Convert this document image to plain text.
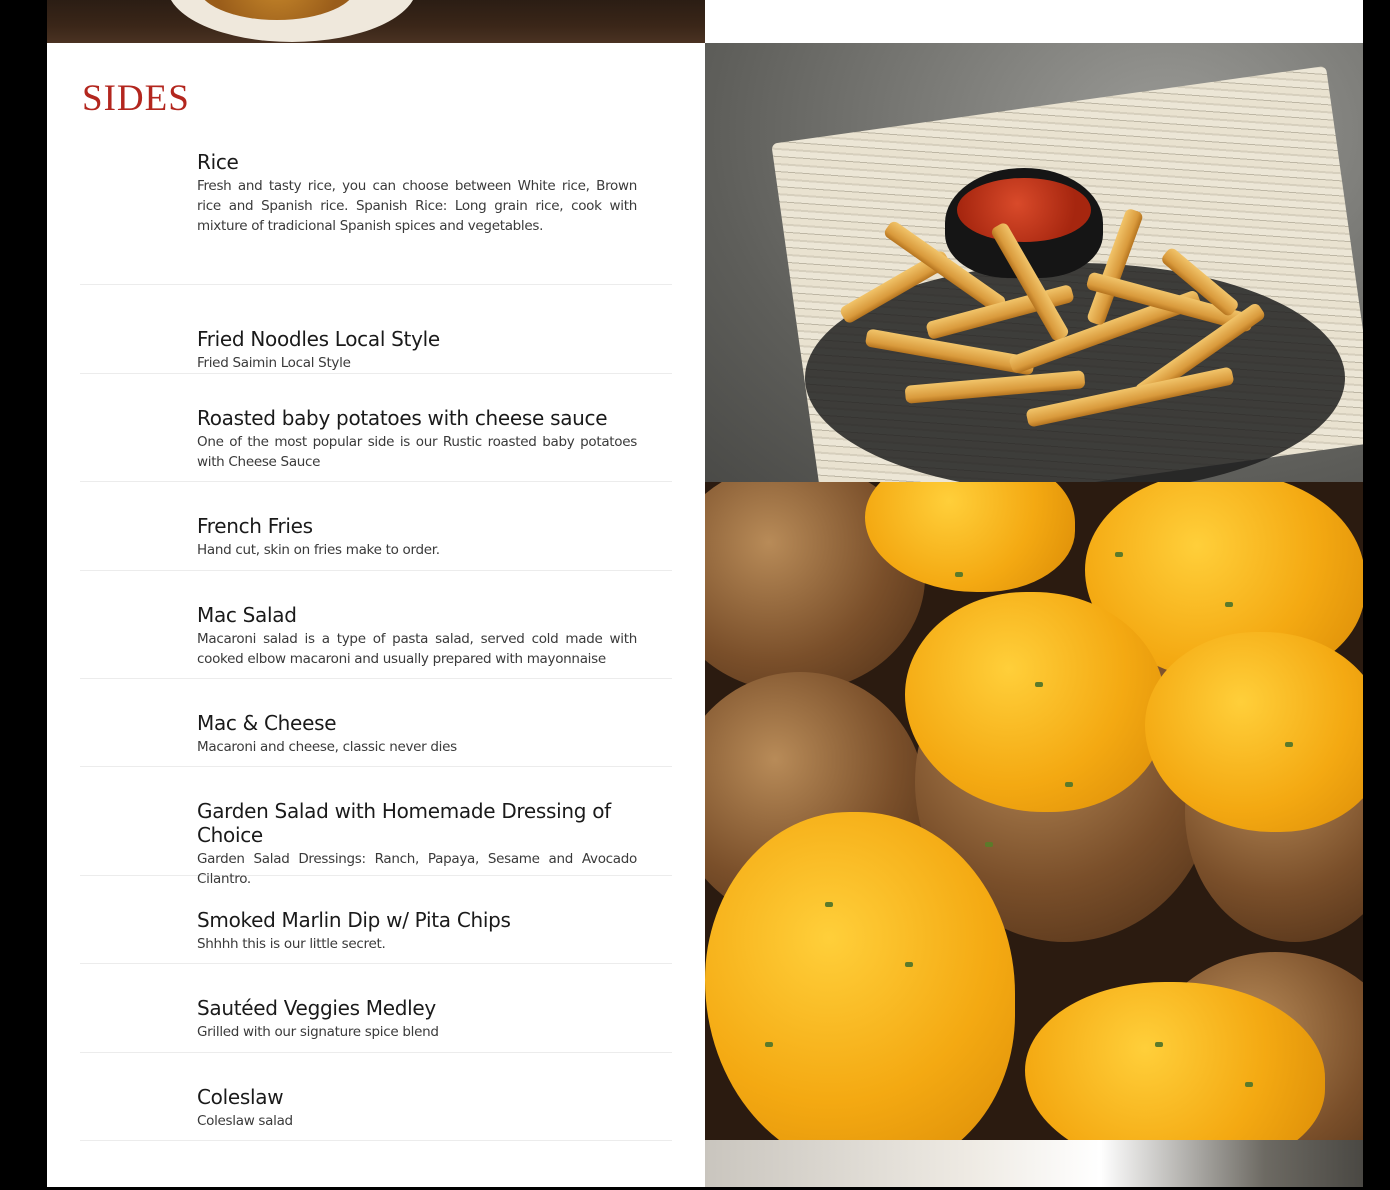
SIDES
Rice

Fresh and tasty rice, you can choose between White rice, Brown rice and Spanish rice. Spanish Rice: Long grain rice, cook with mixture of tradicional Spanish spices and vegetables.

Fried Noodles Local Style

Fried Saimin Local Style

Roasted baby potatoes with cheese sauce

One of the most popular side is our Rustic roasted baby potatoes with Cheese Sauce

French Fries

Hand cut, skin on fries make to order.

Mac Salad

Macaroni salad is a type of pasta salad, served cold made with cooked elbow macaroni and usually prepared with mayonnaise

Mac & Cheese

Macaroni and cheese, classic never dies

Garden Salad with Homemade Dressing of Choice

Garden Salad Dressings: Ranch, Papaya, Sesame and Avocado Cilantro.

Smoked Marlin Dip w/ Pita Chips

Shhhh this is our little secret.

Sautéed Veggies Medley

Grilled with our signature spice blend

Coleslaw

Coleslaw salad
